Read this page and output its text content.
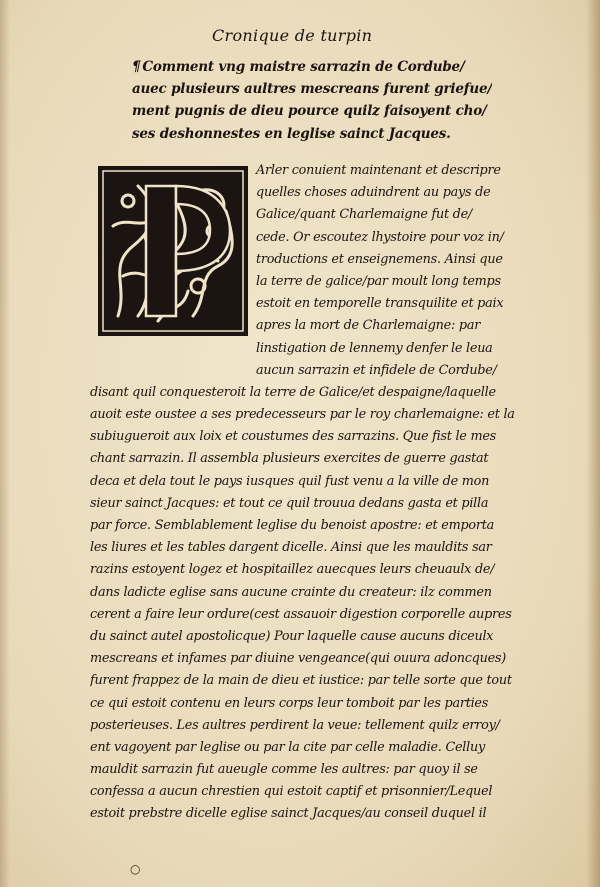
Cronique de turpin
¶ Comment vng maistre sarrazin de Cordube/
auec plusieurs aultres mescreans furent griefue/
ment pugnis de dieu pource quilz faisoyent cho/
ses deshonnestes en leglise sainct Jacques.
Arler conuient maintenant et descripre
quelles choses aduindrent au pays de
Galice/quant Charlemaigne fut de/
cede. Or escoutez lhystoire pour voz in/
troductions et enseignemens. Ainsi que
la terre de galice/par moult long temps
estoit en temporelle transquilite et paix
apres la mort de Charlemaigne: par
linstigation de lennemy denfer le leua
aucun sarrazin et infidele de Cordube/
disant quil conquesteroit la terre de Galice/et despaigne/laquelle
auoit este oustee a ses predecesseurs par le roy charlemaigne: et la
subiugueroit aux loix et coustumes des sarrazins. Que fist le mes
chant sarrazin. Il assembla plusieurs exercites de guerre gastat
deca et dela tout le pays iusques quil fust venu a la ville de mon
sieur sainct Jacques: et tout ce quil trouua dedans gasta et pilla
par force. Semblablement leglise du benoist apostre: et emporta
les liures et les tables dargent dicelle. Ainsi que les mauldits sar
razins estoyent logez et hospitaillez auecques leurs cheuaulx de/
dans ladicte eglise sans aucune crainte du createur: ilz commen
cerent a faire leur ordure(cest assauoir digestion corporelle aupres
du sainct autel apostolicque) Pour laquelle cause aucuns diceulx
mescreans et infames par diuine vengeance(qui ouura adoncques)
furent frappez de la main de dieu et iustice: par telle sorte que tout
ce qui estoit contenu en leurs corps leur tomboit par les parties
posterieuses. Les aultres perdirent la veue: tellement quilz erroy/
ent vagoyent par leglise ou par la cite par celle maladie. Celluy
mauldit sarrazin fut aueugle comme les aultres: par quoy il se
confessa a aucun chrestien qui estoit captif et prisonnier/Lequel
estoit prebstre dicelle eglise sainct Jacques/au conseil duquel il
○
